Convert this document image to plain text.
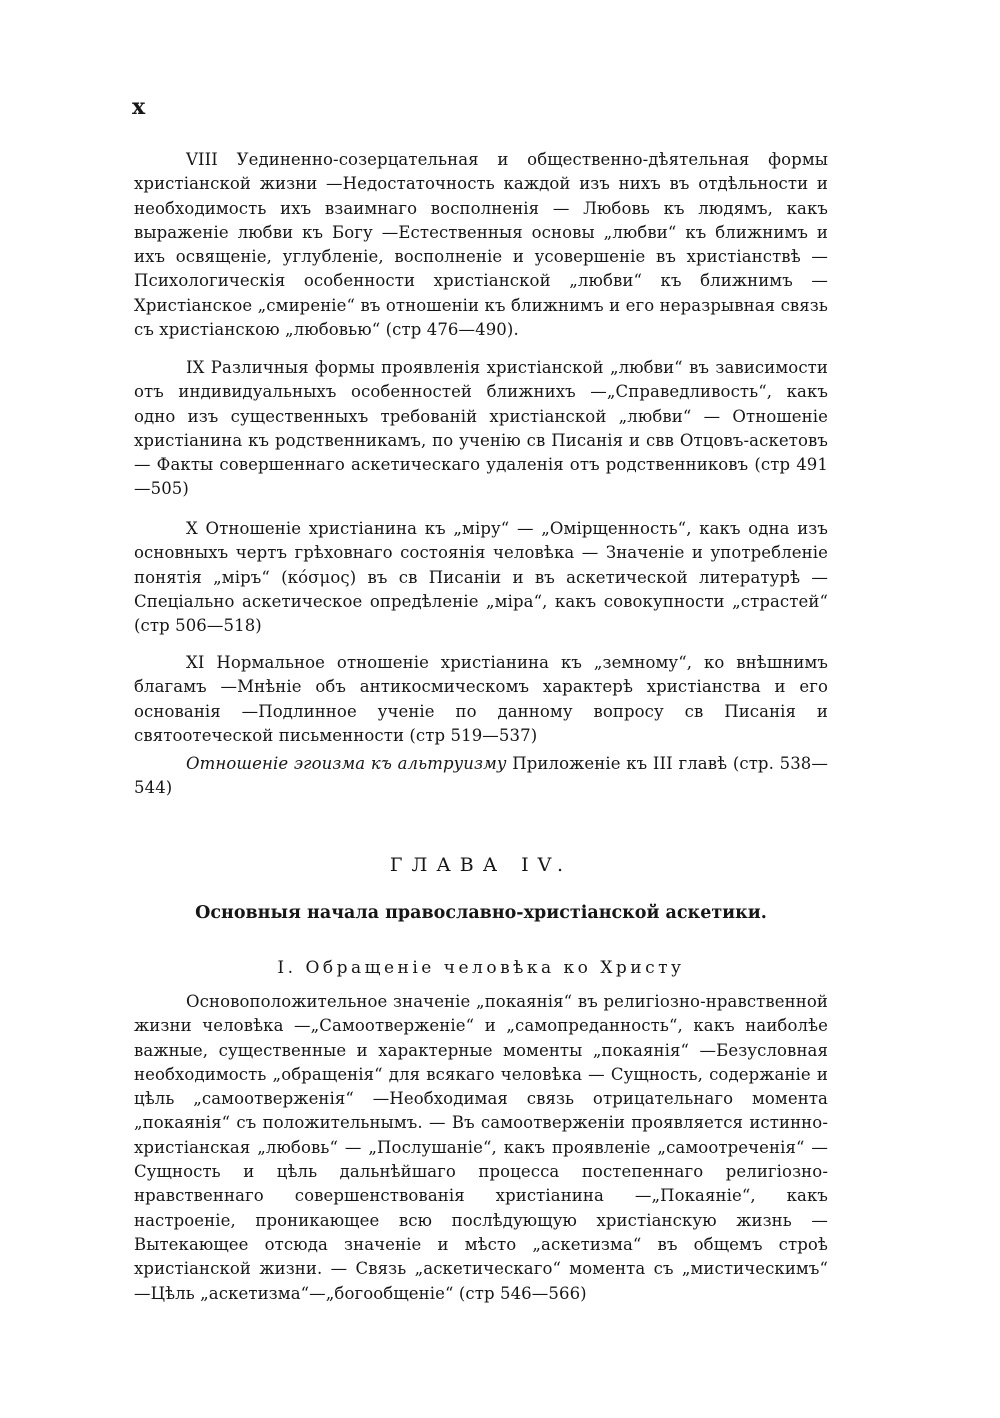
x

VIII Уединенно-созерцательная и общественно-дѣятельная формы христіанской жизни —Недостаточность каждой изъ нихъ въ отдѣльности и необходимость ихъ взаимнаго восполненія — Любовь къ людямъ, какъ выраженіе любви къ Богу —Естественныя основы „любви“ къ ближнимъ и ихъ освященіе, углубленіе, восполненіе и усовершеніе въ христіанствѣ —Психологическія особенности христіанской „любви“ къ ближнимъ — Христіанское „смиреніе“ въ отношеніи къ ближнимъ и его неразрывная связь съ христіанскою „любовью“ (стр 476—490).

IX Различныя формы проявленія христіанской „любви“ въ зависимости отъ индивидуальныхъ особенностей ближнихъ —„Справедливость“, какъ одно изъ существенныхъ требованій христіанской „любви“ — Отношеніе христіанина къ родственникамъ, по ученію св Писанія и свв Отцовъ-аскетовъ — Факты совершеннаго аскетическаго удаленія отъ родственниковъ (стр 491—505)

X Отношеніе христіанина къ „міру“ — „Омірщенность“, какъ одна изъ основныхъ чертъ грѣховнаго состоянія человѣка — Значеніе и употребленіе понятія „міръ“ (κόσμος) въ св Писаніи и въ аскетической литературѣ —Спеціально аскетическое опредѣленіе „міра“, какъ совокупности „страстей“ (стр 506—518)

XI Нормальное отношеніе христіанина къ „земному“, ко внѣшнимъ благамъ —Мнѣніе объ антикосмическомъ характерѣ христіанства и его основанія —Подлинное ученіе по данному вопросу св Писанія и святоотеческой письменности (стр 519—537)

Отношеніе эгоизма къ альтруизму Приложеніе къ III главѣ (стр. 538—544)

ГЛАВА IV.
Основныя начала православно-христіанской аскетики.
I. Обращеніе человѣка ко Христу

Основоположительное значеніе „покаянія“ въ религіозно-нравственной жизни человѣка —„Самоотверженіе“ и „самопреданность“, какъ наиболѣе важные, существенные и характерные моменты „покаянія“ —Безусловная необходимость „обращенія“ для всякаго человѣка — Сущность, содержаніе и цѣль „самоотверженія“ —Необходимая связь отрицательнаго момента „покаянія“ съ положительнымъ. — Въ самоотверженіи проявляется истинно-христіанская „любовь“ — „Послушаніе“, какъ проявленіе „самоотреченія“ —Сущность и цѣль дальнѣйшаго процесса постепеннаго религіозно-нравственнаго совершенствованія христіанина —„Покаяніе“, какъ настроеніе, проникающее всю послѣдующую христіанскую жизнь —Вытекающее отсюда значеніе и мѣсто „аскетизма“ въ общемъ строѣ христіанской жизни. — Связь „аскетическаго“ момента съ „мистическимъ“ —Цѣль „аскетизма“—„богообщеніе“ (стр 546—566)
